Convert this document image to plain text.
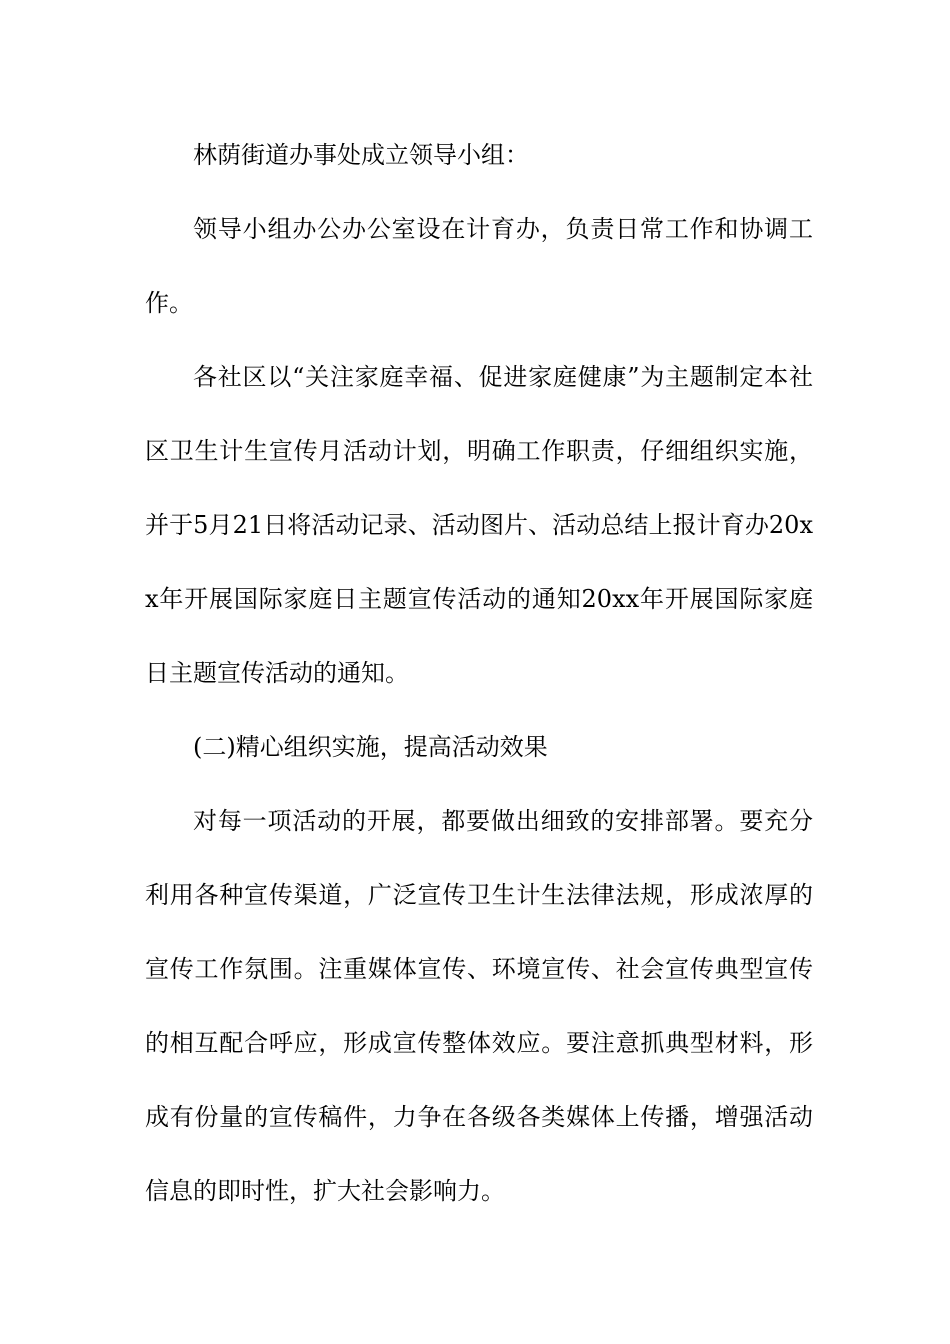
林荫街道办事处成立领导小组：

领导小组办公办公室设在计育办，负责日常工作和协调工作。

各社区以“关注家庭幸福、促进家庭健康”为主题制定本社区卫生计生宣传月活动计划，明确工作职责，仔细组织实施，并于5月21日将活动记录、活动图片、活动总结上报计育办20xx年开展国际家庭日主题宣传活动的通知20xx年开展国际家庭日主题宣传活动的通知。

(二)精心组织实施，提高活动效果

对每一项活动的开展，都要做出细致的安排部署。要充分利用各种宣传渠道，广泛宣传卫生计生法律法规，形成浓厚的宣传工作氛围。注重媒体宣传、环境宣传、社会宣传典型宣传的相互配合呼应，形成宣传整体效应。要注意抓典型材料，形成有份量的宣传稿件，力争在各级各类媒体上传播，增强活动信息的即时性，扩大社会影响力。
